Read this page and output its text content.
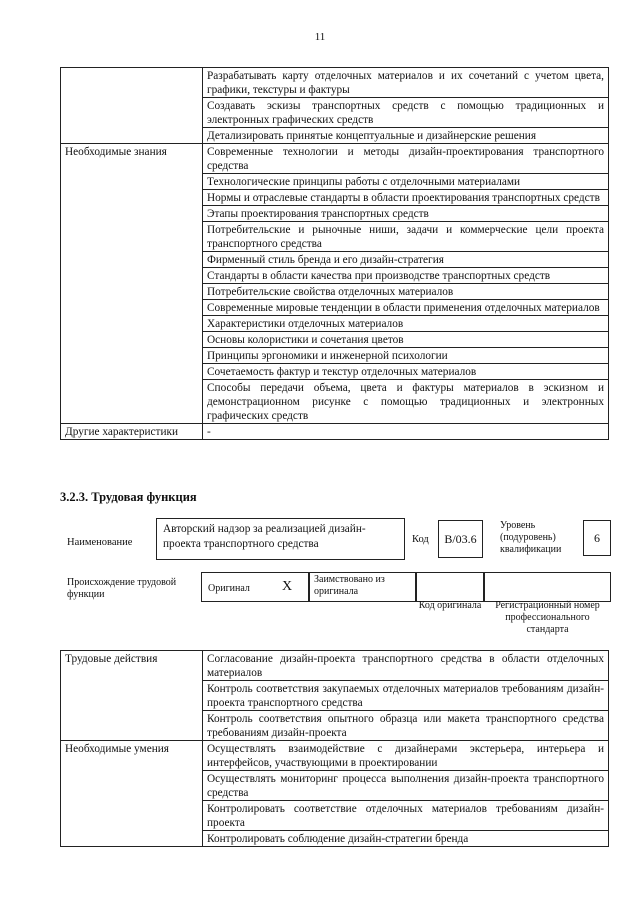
11
	Разрабатывать карту отделочных материалов и их сочетаний с учетом цвета, графики, текстуры и фактуры
	Создавать эскизы транспортных средств с помощью традиционных и электронных графических средств
	Детализировать принятые концептуальные и дизайнерские решения
Необходимые знания	Современные технологии и методы дизайн-проектирования транспортного средства
	Технологические принципы работы с отделочными материалами
	Нормы и отраслевые стандарты в области проектирования транспортных средств
	Этапы проектирования транспортных средств
	Потребительские и рыночные ниши, задачи и коммерческие цели проекта транспортного средства
	Фирменный стиль бренда и его дизайн-стратегия
	Стандарты в области качества при производстве транспортных средств
	Потребительские свойства отделочных материалов
	Современные мировые тенденции в области применения отделочных материалов
	Характеристики отделочных материалов
	Основы колористики и сочетания цветов
	Принципы эргономики и инженерной психологии
	Сочетаемость фактур и текстур отделочных материалов
	Способы передачи объема, цвета и фактуры материалов в эскизном и демонстрационном рисунке с помощью традиционных и электронных графических средств
Другие характеристики	-
3.2.3. Трудовая функция
Наименование
Авторский надзор за реализацией дизайн-проекта транспортного средства	Код	B/03.6
Уровень (подуровень) квалификации
6
Происхождение трудовой функции
Оригинал X Заимствовано из оригинала
Код оригинала	Регистрационный номер профессионального стандарта
Трудовые действия	Согласование дизайн-проекта транспортного средства в области отделочных материалов
	Контроль соответствия закупаемых отделочных материалов требованиям дизайн-проекта транспортного средства
	Контроль соответствия опытного образца или макета транспортного средства требованиям дизайн-проекта
Необходимые умения	Осуществлять взаимодействие с дизайнерами экстерьера, интерьера и интерфейсов, участвующими в проектировании
	Осуществлять мониторинг процесса выполнения дизайн-проекта транспортного средства
	Контролировать соответствие отделочных материалов требованиям дизайн-проекта
	Контролировать соблюдение дизайн-стратегии бренда
